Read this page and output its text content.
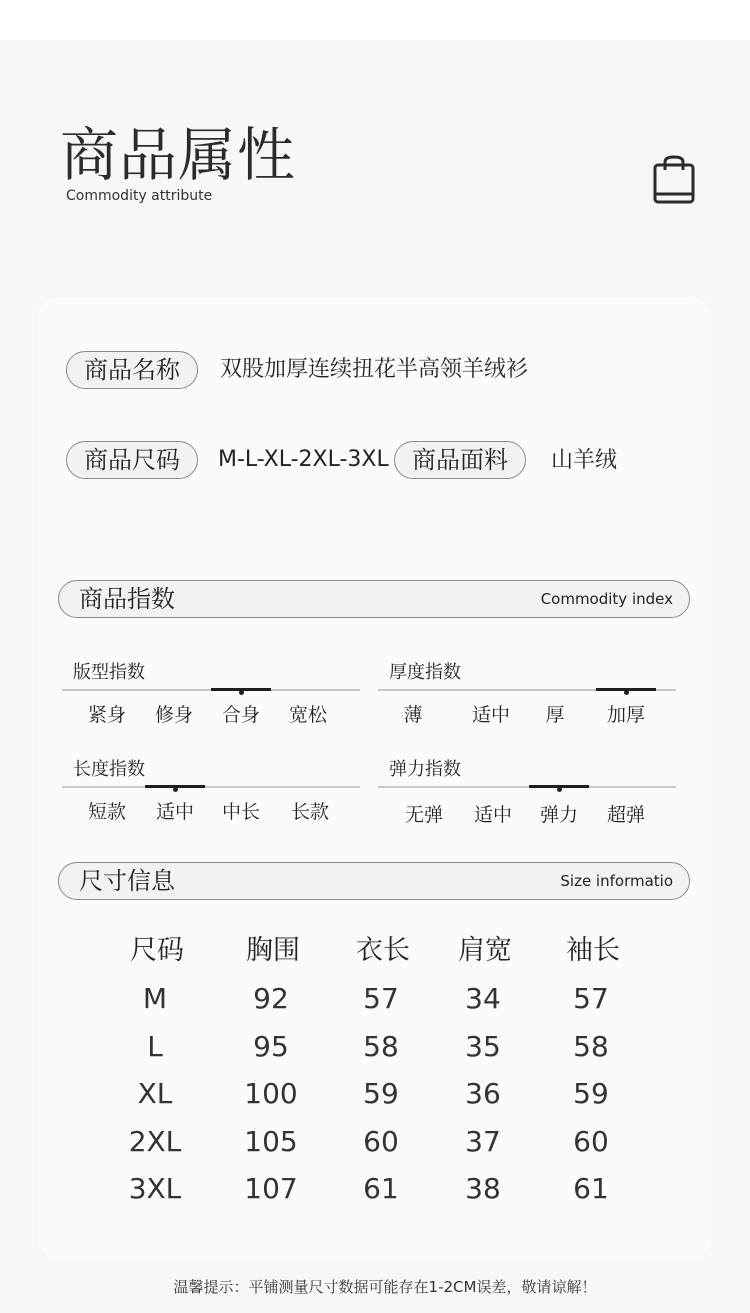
商品属性
Commodity attribute
商品名称	双股加厚连续扭花半高领羊绒衫
商品尺码	M-L-XL-2XL-3XL 商品面料	山羊绒
商品指数	Commodity index
版型指数
紧身	修身	合身	宽松
厚度指数
薄	适中	厚	加厚
长度指数
短款	适中	中长	长款
弹力指数
无弹	适中	弹力	超弹
尺寸信息	Size informatio
尺码	胸围	衣长	肩宽	袖长
M	92	57	34	57
L	95	58	35	58
XL	100	59	36	59
2XL	105	60	37	60
3XL	107	61	38	61
温馨提示：平铺测量尺寸数据可能存在1-2CM误差，敬请谅解！
